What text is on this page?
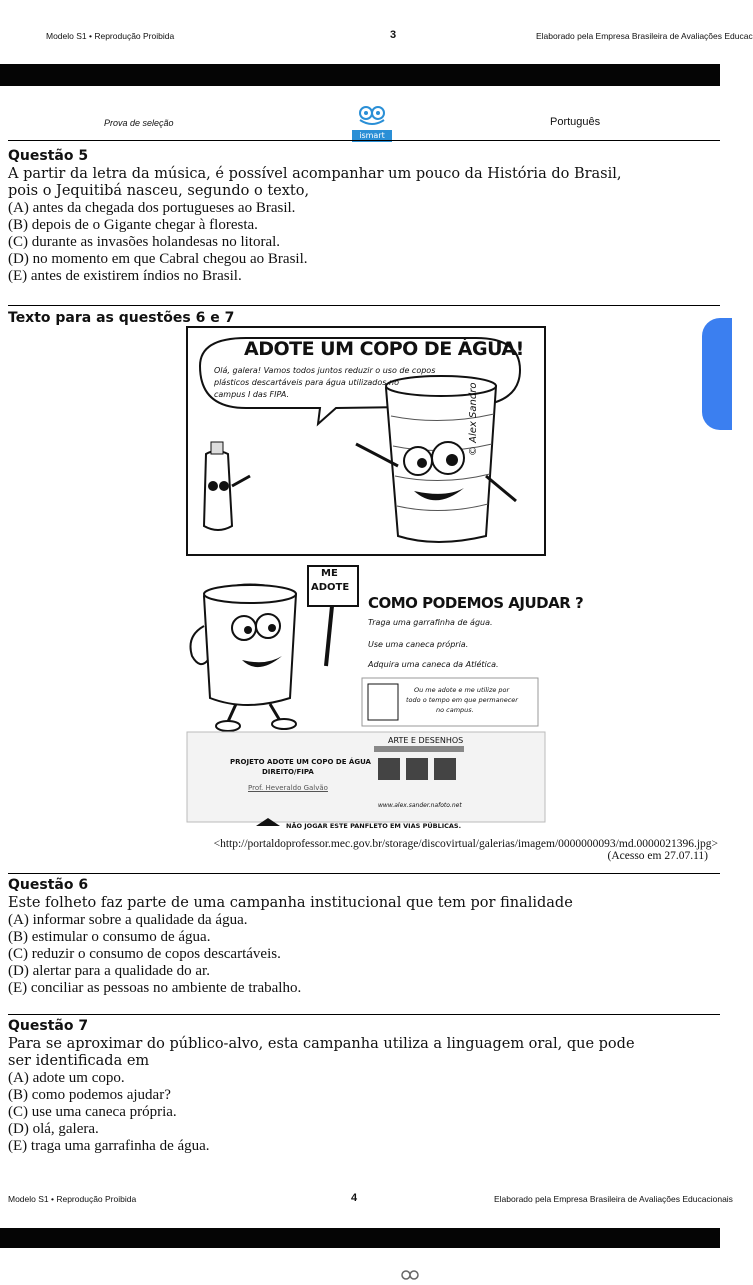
Modelo S1 • Reprodução Proibida	3	Elaborado pela Empresa Brasileira de Avaliações Educac
Prova de seleção
ismart
Português
Questão 5
A partir da letra da música, é possível acompanhar um pouco da História do Brasil,
pois o Jequitibá nasceu, segundo o texto,
(A) antes da chegada dos portugueses ao Brasil.
(B) depois de o Gigante chegar à floresta.
(C) durante as invasões holandesas no litoral.
(D) no momento em que Cabral chegou ao Brasil.
(E) antes de existirem índios no Brasil.
Texto para as questões 6 e 7
ADOTE UM COPO DE ÁGUA!
Olá, galera! Vamos todos juntos reduzir o uso de copos
plásticos descartáveis para água utilizados no
campus I das FIPA.	© Alex Sandro
ME
ADOTE
COMO PODEMOS AJUDAR ?
Traga uma garrafinha de água.
Use uma caneca própria.
Adquira uma caneca da Atlética.
Ou me adote e me utilize por
todo o tempo em que permanecer
no campus.
PROJETO ADOTE UM COPO DE ÁGUA
DIREITO/FIPA
Prof. Heveraldo Galvão
ARTE E DESENHOS
www.alex.sander.nafoto.net
NÃO JOGAR ESTE PANFLETO EM VIAS PÚBLICAS.
<http://portaldoprofessor.mec.gov.br/storage/discovirtual/galerias/imagem/0000000093/md.0000021396.jpg>
(Acesso em 27.07.11)
Questão 6
Este folheto faz parte de uma campanha institucional que tem por finalidade
(A) informar sobre a qualidade da água.
(B) estimular o consumo de água.
(C) reduzir o consumo de copos descartáveis.
(D) alertar para a qualidade do ar.
(E) conciliar as pessoas no ambiente de trabalho.
Questão 7
Para se aproximar do público-alvo, esta campanha utiliza a linguagem oral, que pode
ser identificada em
(A) adote um copo.
(B) como podemos ajudar?
(C) use uma caneca própria.
(D) olá, galera.
(E) traga uma garrafinha de água.
Modelo S1 • Reprodução Proibida	4	Elaborado pela Empresa Brasileira de Avaliações Educacionais
